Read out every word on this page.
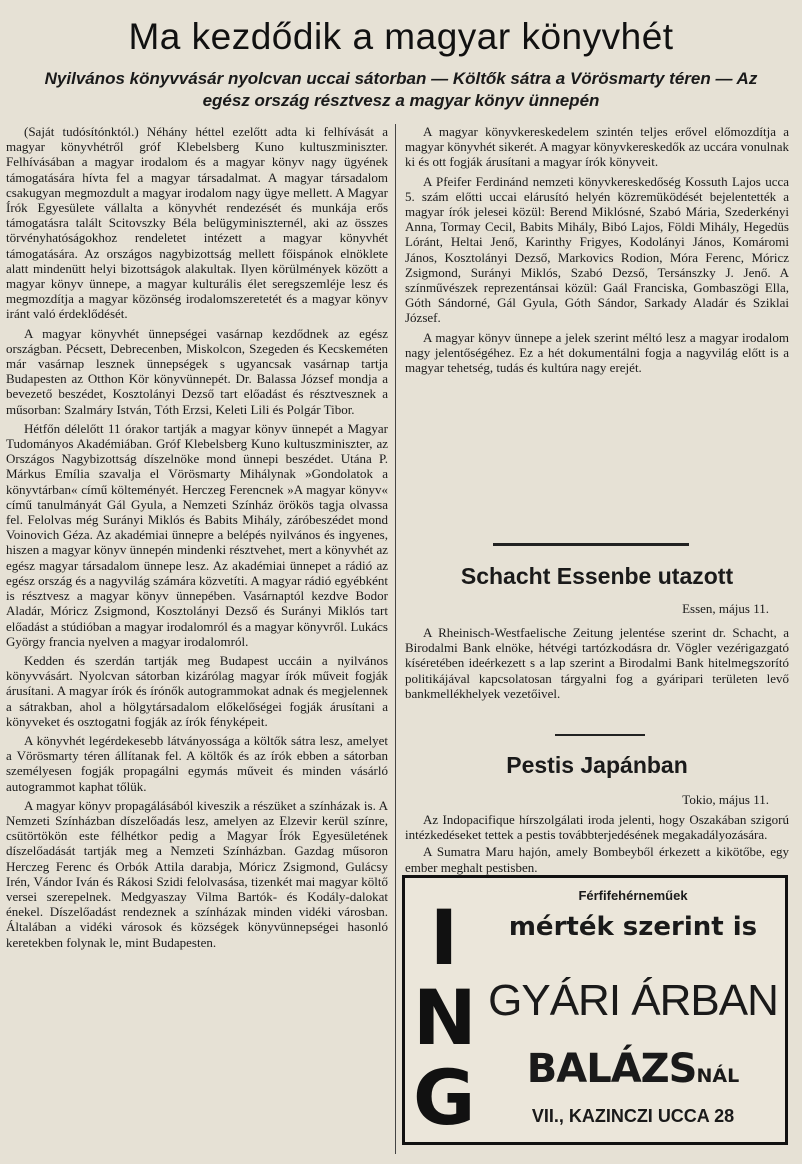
Ma kezdődik a magyar könyvhét
Nyilvános könyvvásár nyolcvan uccai sátorban — Költők sátra a Vörösmarty téren — Az egész ország résztvesz a magyar könyv ünnepén

(Saját tudósítónktól.) Néhány héttel ezelőtt adta ki felhívását a magyar könyvhétről gróf Klebelsberg Kuno kultuszminiszter. Felhívásában a magyar irodalom és a magyar könyv nagy ügyének támogatására hívta fel a magyar társadalmat. A magyar társadalom csakugyan megmozdult a magyar irodalom nagy ügye mellett. A Magyar Írók Egyesülete vállalta a könyvhét rendezését és munkája erős támogatásra talált Scitovszky Béla belügyminiszternél, aki az összes törvényhatóságokhoz rendeletet intézett a magyar könyvhét támogatására. Az országos nagybizottság mellett főispánok elnöklete alatt mindenütt helyi bizottságok alakultak. Ilyen körülmények között a magyar könyv ünnepe, a magyar kulturális élet seregszemléje lesz és megmozdítja a magyar közönség irodalomszeretetét és a magyar könyv iránt való érdeklődését.

A magyar könyvhét ünnepségei vasárnap kezdődnek az egész országban. Pécsett, Debrecenben, Miskolcon, Szegeden és Kecskeméten már vasárnap lesznek ünnepségek s ugyancsak vasárnap tartja Budapesten az Otthon Kör könyvünnepét. Dr. Balassa József mondja a bevezető beszédet, Kosztolányi Dezső tart előadást és résztvesznek a műsorban: Szalmáry István, Tóth Erzsi, Keleti Lili és Polgár Tibor.

Hétfőn délelőtt 11 órakor tartják a magyar könyv ünnepét a Magyar Tudományos Akadémiában. Gróf Klebelsberg Kuno kultuszminiszter, az Országos Nagybizottság díszelnöke mond ünnepi beszédet. Utána P. Márkus Emília szavalja el Vörösmarty Mihálynak »Gondolatok a könyvtárban« című költeményét. Herczeg Ferencnek »A magyar könyv« című tanulmányát Gál Gyula, a Nemzeti Színház örökös tagja olvassa fel. Felolvas még Surányi Miklós és Babits Mihály, záróbeszédet mond Voinovich Géza. Az akadémiai ünnepre a belépés nyilvános és ingyenes, hiszen a magyar könyv ünnepén mindenki résztvehet, mert a könyvhét az egész magyar társadalom ünnepe lesz. Az akadémiai ünnepet a rádió az egész ország és a nagyvilág számára közvetíti. A magyar rádió egyébként is résztvesz a magyar könyv ünnepében. Vasárnaptól kezdve Bodor Aladár, Móricz Zsigmond, Kosztolányi Dezső és Surányi Miklós tart előadást a stúdióban a magyar irodalomról és a magyar könyvről. Lukács György francia nyelven a magyar irodalomról.

Kedden és szerdán tartják meg Budapest uccáin a nyilvános könyvvásárt. Nyolcvan sátorban kizárólag magyar írók műveit fogják árusítani. A magyar írók és írónők autogrammokat adnak és megjelennek a sátrakban, ahol a hölgytársadalom előkelőségei fogják árusítani a könyveket és osztogatni fogják az írók fényképeit.

A könyvhét legérdekesebb látványossága a költők sátra lesz, amelyet a Vörösmarty téren állítanak fel. A költők és az írók ebben a sátorban személyesen fogják propagálni egymás műveit és minden vásárló autogrammot kaphat tőlük.

A magyar könyv propagálásából kiveszik a részüket a színházak is. A Nemzeti Színházban díszelőadás lesz, amelyen az Elzevir kerül színre, csütörtökön este félhétkor pedig a Magyar Írók Egyesületének díszelőadását tartják meg a Nemzeti Színházban. Gazdag műsoron Herczeg Ferenc és Orbók Attila darabja, Móricz Zsigmond, Gulácsy Irén, Vándor Iván és Rákosi Szidi felolvasása, tizenkét mai magyar költő versei szerepelnek. Medgyaszay Vilma Bartók- és Kodály-dalokat énekel. Díszelőadást rendeznek a színházak minden vidéki városban. Általában a vidéki városok és községek könyvünnepségei hasonló keretekben folynak le, mint Budapesten.

A magyar könyvkereskedelem szintén teljes erővel előmozdítja a magyar könyvhét sikerét. A magyar könyvkereskedők az uccára vonulnak ki és ott fogják árusítani a magyar írók könyveit.

A Pfeifer Ferdinánd nemzeti könyvkereskedőség Kossuth Lajos ucca 5. szám előtti uccai elárusító helyén közremüködését bejelentették a magyar írók jelesei közül: Berend Miklósné, Szabó Mária, Szederkényi Anna, Tormay Cecil, Babits Mihály, Bibó Lajos, Földi Mihály, Hegedüs Lóránt, Heltai Jenő, Karinthy Frigyes, Kodolányi János, Komáromi János, Kosztolányi Dezső, Markovics Rodion, Móra Ferenc, Móricz Zsigmond, Surányi Miklós, Szabó Dezső, Tersánszky J. Jenő. A színművészek reprezentánsai közül: Gaál Franciska, Gombaszögi Ella, Góth Sándorné, Gál Gyula, Góth Sándor, Sarkady Aladár és Sziklai József.

A magyar könyv ünnepe a jelek szerint méltó lesz a magyar irodalom nagy jelentőségéhez. Ez a hét dokumentálni fogja a nagyvilág előtt is a magyar tehetség, tudás és kultúra nagy erejét.

Schacht Essenbe utazott
Essen, május 11.

A Rheinisch-Westfaelische Zeitung jelentése szerint dr. Schacht, a Birodalmi Bank elnöke, hétvégi tartózkodásra dr. Vögler vezérigazgató kíséretében ideérkezett s a lap szerint a Birodalmi Bank hitelmegszorító politikájával kapcsolatosan tárgyalni fog a gyáripari területen levő bankmellékhelyek vezetőivel.

Pestis Japánban
Tokio, május 11.

Az Indopacifique hírszolgálati iroda jelenti, hogy Oszakában szigorú intézkedéseket tettek a pestis továbbterjedésének megakadályozására.

A Sumatra Maru hajón, amely Bombeyből érkezett a kikötőbe, egy ember meghalt pestisben.

I
N
G
Férfifehérneműek
mérték szerint is
GYÁRI ÁRBAN
BALÁZSNÁL
VII., KAZINCZI UCCA 28
